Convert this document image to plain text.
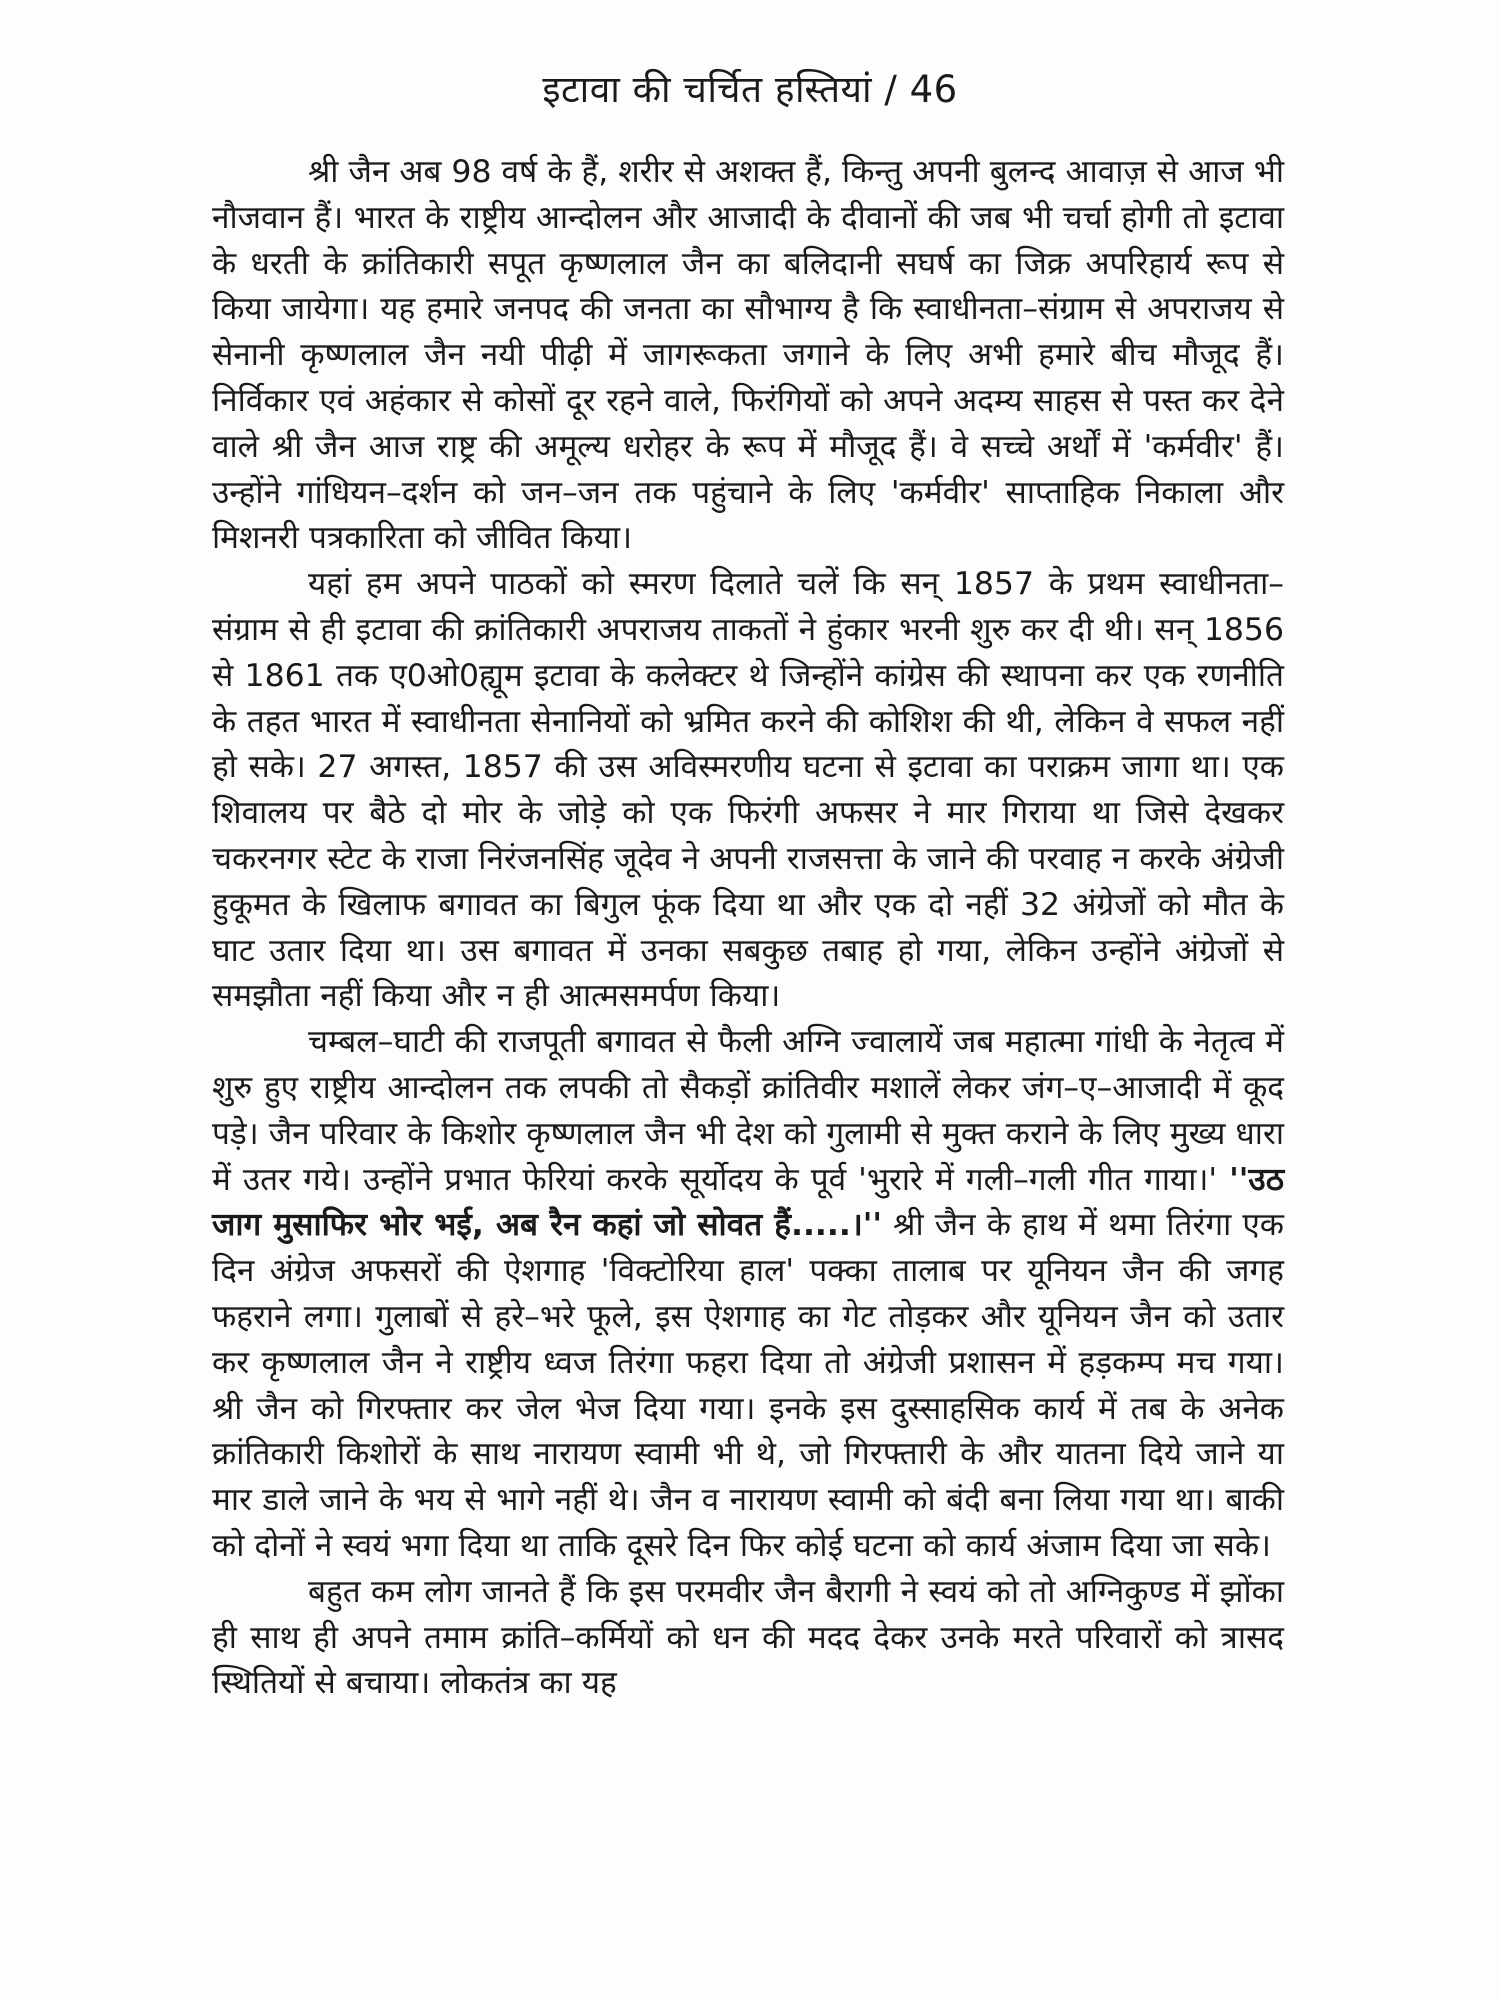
इटावा की चर्चित हस्तियां / 46

श्री जैन अब 98 वर्ष के हैं, शरीर से अशक्त हैं, किन्तु अपनी बुलन्द आवाज़ से आज भी नौजवान हैं। भारत के राष्ट्रीय आन्दोलन और आजादी के दीवानों की जब भी चर्चा होगी तो इटावा के धरती के क्रांतिकारी सपूत कृष्णलाल जैन का बलिदानी सघर्ष का जिक्र अपरिहार्य रूप से किया जायेगा। यह हमारे जनपद की जनता का सौभाग्य है कि स्वाधीनता–संग्राम से अपराजय से सेनानी कृष्णलाल जैन नयी पीढ़ी में जागरूकता जगाने के लिए अभी हमारे बीच मौजूद हैं। निर्विकार एवं अहंकार से कोसों दूर रहने वाले, फिरंगियों को अपने अदम्य साहस से पस्त कर देने वाले श्री जैन आज राष्ट्र की अमूल्य धरोहर के रूप में मौजूद हैं। वे सच्चे अर्थों में 'कर्मवीर' हैं। उन्होंने गांधियन–दर्शन को जन–जन तक पहुंचाने के लिए 'कर्मवीर' साप्ताहिक निकाला और मिशनरी पत्रकारिता को जीवित किया।

यहां हम अपने पाठकों को स्मरण दिलाते चलें कि सन् 1857 के प्रथम स्वाधीनता–संग्राम से ही इटावा की क्रांतिकारी अपराजय ताकतों ने हुंकार भरनी शुरु कर दी थी। सन् 1856 से 1861 तक ए0ओ0ह्यूम इटावा के कलेक्टर थे जिन्होंने कांग्रेस की स्थापना कर एक रणनीति के तहत भारत में स्वाधीनता सेनानियों को भ्रमित करने की कोशिश की थी, लेकिन वे सफल नहीं हो सके। 27 अगस्त, 1857 की उस अविस्मरणीय घटना से इटावा का पराक्रम जागा था। एक शिवालय पर बैठे दो मोर के जोड़े को एक फिरंगी अफसर ने मार गिराया था जिसे देखकर चकरनगर स्टेट के राजा निरंजनसिंह जूदेव ने अपनी राजसत्ता के जाने की परवाह न करके अंग्रेजी हुकूमत के खिलाफ बगावत का बिगुल फूंक दिया था और एक दो नहीं 32 अंग्रेजों को मौत के घाट उतार दिया था। उस बगावत में उनका सबकुछ तबाह हो गया, लेकिन उन्होंने अंग्रेजों से समझौता नहीं किया और न ही आत्मसमर्पण किया।

चम्बल–घाटी की राजपूती बगावत से फैली अग्नि ज्वालायें जब महात्मा गांधी के नेतृत्व में शुरु हुए राष्ट्रीय आन्दोलन तक लपकी तो सैकड़ों क्रांतिवीर मशालें लेकर जंग–ए–आजादी में कूद पड़े। जैन परिवार के किशोर कृष्णलाल जैन भी देश को गुलामी से मुक्त कराने के लिए मुख्य धारा में उतर गये। उन्होंने प्रभात फेरियां करके सूर्योदय के पूर्व 'भुरारे में गली–गली गीत गाया।' ''उठ जाग मुसाफिर भोर भई, अब रैन कहां जो सोवत हैं.....।'' श्री जैन के हाथ में थमा तिरंगा एक दिन अंग्रेज अफसरों की ऐशगाह 'विक्टोरिया हाल' पक्का तालाब पर यूनियन जैन की जगह फहराने लगा। गुलाबों से हरे–भरे फूले, इस ऐशगाह का गेट तोड़कर और यूनियन जैन को उतार कर कृष्णलाल जैन ने राष्ट्रीय ध्वज तिरंगा फहरा दिया तो अंग्रेजी प्रशासन में हड़कम्प मच गया। श्री जैन को गिरफ्तार कर जेल भेज दिया गया। इनके इस दुस्साहसिक कार्य में तब के अनेक क्रांतिकारी किशोरों के साथ नारायण स्वामी भी थे, जो गिरफ्तारी के और यातना दिये जाने या मार डाले जाने के भय से भागे नहीं थे। जैन व नारायण स्वामी को बंदी बना लिया गया था। बाकी को दोनों ने स्वयं भगा दिया था ताकि दूसरे दिन फिर कोई घटना को कार्य अंजाम दिया जा सके।

बहुत कम लोग जानते हैं कि इस परमवीर जैन बैरागी ने स्वयं को तो अग्निकुण्ड में झोंका ही साथ ही अपने तमाम क्रांति–कर्मियों को धन की मदद देकर उनके मरते परिवारों को त्रासद स्थितियों से बचाया। लोकतंत्र का यह
